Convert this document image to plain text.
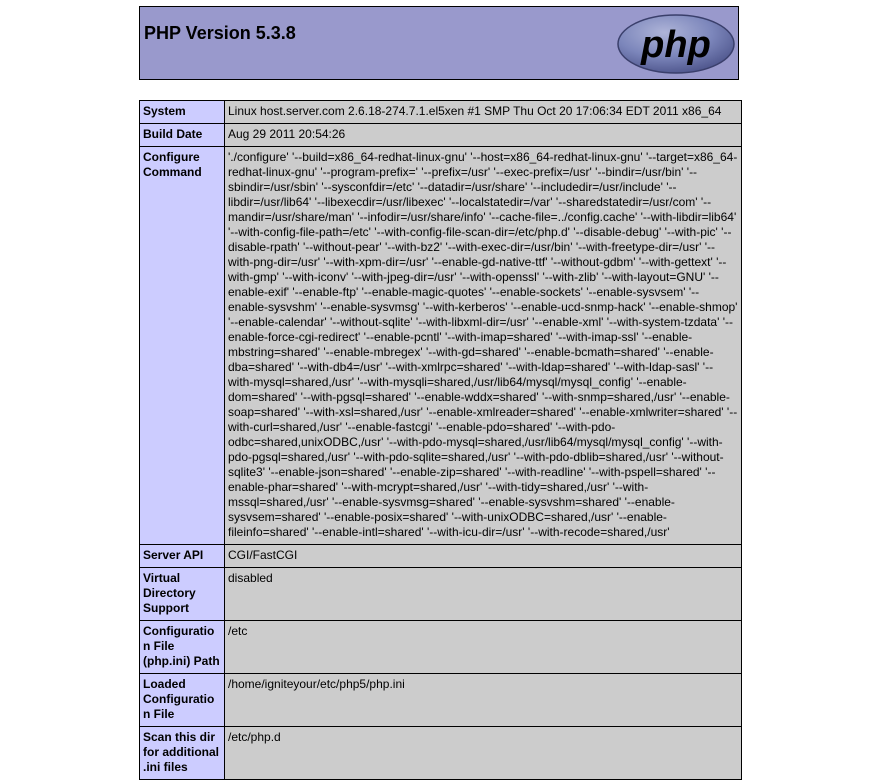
PHP Version 5.3.8	php
System	Linux host.server.com 2.6.18-274.7.1.el5xen #1 SMP Thu Oct 20 17:06:34 EDT 2011 x86_64
Build Date	Aug 29 2011 20:54:26
Configure Command	'./configure' '--build=x86_64-redhat-linux-gnu' '--host=x86_64-redhat-linux-gnu' '--target=x86_64-redhat-linux-gnu' '--program-prefix=' '--prefix=/usr' '--exec-prefix=/usr' '--bindir=/usr/bin' '--sbindir=/usr/sbin' '--sysconfdir=/etc' '--datadir=/usr/share' '--includedir=/usr/include' '--libdir=/usr/lib64' '--libexecdir=/usr/libexec' '--localstatedir=/var' '--sharedstatedir=/usr/com' '--mandir=/usr/share/man' '--infodir=/usr/share/info' '--cache-file=../config.cache' '--with-libdir=lib64' '--with-config-file-path=/etc' '--with-config-file-scan-dir=/etc/php.d' '--disable-debug' '--with-pic' '--disable-rpath' '--without-pear' '--with-bz2' '--with-exec-dir=/usr/bin' '--with-freetype-dir=/usr' '--with-png-dir=/usr' '--with-xpm-dir=/usr' '--enable-gd-native-ttf' '--without-gdbm' '--with-gettext' '--with-gmp' '--with-iconv' '--with-jpeg-dir=/usr' '--with-openssl' '--with-zlib' '--with-layout=GNU' '--enable-exif' '--enable-ftp' '--enable-magic-quotes' '--enable-sockets' '--enable-sysvsem' '--enable-sysvshm' '--enable-sysvmsg' '--with-kerberos' '--enable-ucd-snmp-hack' '--enable-shmop' '--enable-calendar' '--without-sqlite' '--with-libxml-dir=/usr' '--enable-xml' '--with-system-tzdata' '--enable-force-cgi-redirect' '--enable-pcntl' '--with-imap=shared' '--with-imap-ssl' '--enable-mbstring=shared' '--enable-mbregex' '--with-gd=shared' '--enable-bcmath=shared' '--enable-dba=shared' '--with-db4=/usr' '--with-xmlrpc=shared' '--with-ldap=shared' '--with-ldap-sasl' '--with-mysql=shared,/usr' '--with-mysqli=shared,/usr/lib64/mysql/mysql_config' '--enable-dom=shared' '--with-pgsql=shared' '--enable-wddx=shared' '--with-snmp=shared,/usr' '--enable-soap=shared' '--with-xsl=shared,/usr' '--enable-xmlreader=shared' '--enable-xmlwriter=shared' '--with-curl=shared,/usr' '--enable-fastcgi' '--enable-pdo=shared' '--with-pdo-odbc=shared,unixODBC,/usr' '--with-pdo-mysql=shared,/usr/lib64/mysql/mysql_config' '--with-pdo-pgsql=shared,/usr' '--with-pdo-sqlite=shared,/usr' '--with-pdo-dblib=shared,/usr' '--without-sqlite3' '--enable-json=shared' '--enable-zip=shared' '--with-readline' '--with-pspell=shared' '--enable-phar=shared' '--with-mcrypt=shared,/usr' '--with-tidy=shared,/usr' '--with-mssql=shared,/usr' '--enable-sysvmsg=shared' '--enable-sysvshm=shared' '--enable-sysvsem=shared' '--enable-posix=shared' '--with-unixODBC=shared,/usr' '--enable-fileinfo=shared' '--enable-intl=shared' '--with-icu-dir=/usr' '--with-recode=shared,/usr'
Server API	CGI/FastCGI
Virtual Directory Support	disabled
Configuration File (php.ini) Path	/etc
Loaded Configuration File	/home/igniteyour/etc/php5/php.ini
Scan this dir for additional .ini files	/etc/php.d
